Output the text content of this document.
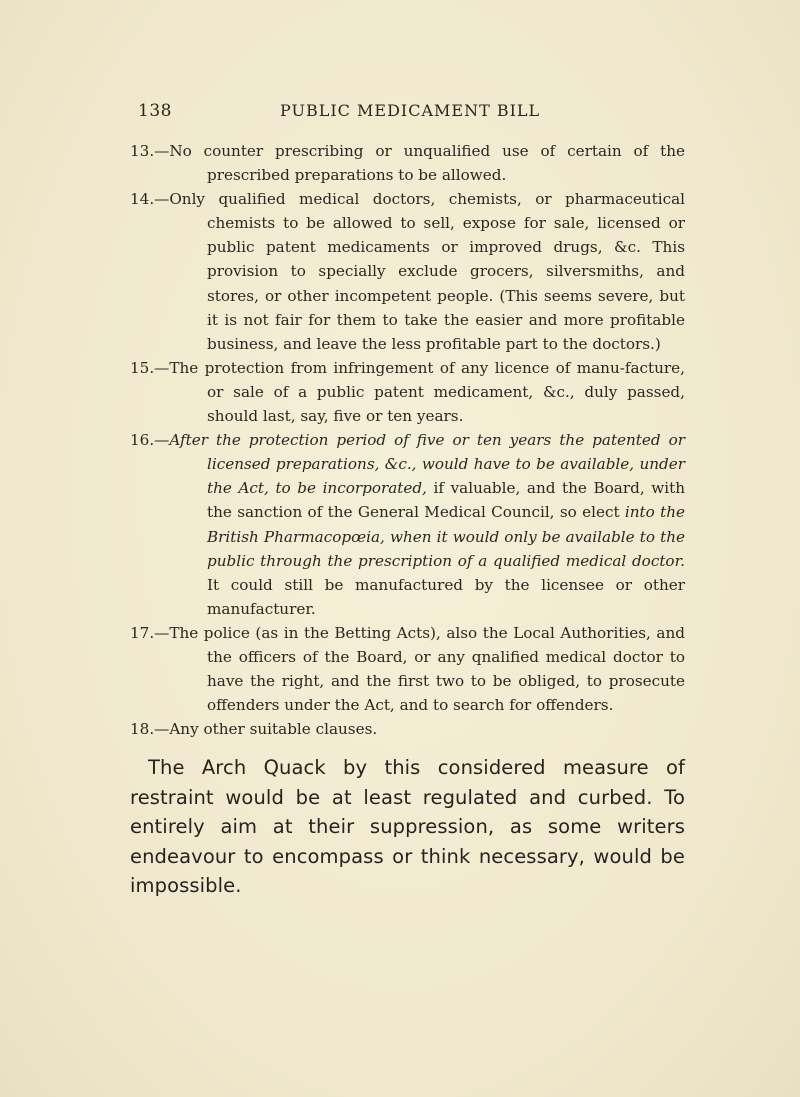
138	PUBLIC MEDICAMENT BILL

13.—No counter prescribing or unqualified use of certain of the prescribed preparations to be allowed.

14.—Only qualified medical doctors, chemists, or pharmaceutical chemists to be allowed to sell, expose for sale, licensed or public patent medicaments or improved drugs, &c. This provision to specially exclude grocers, silversmiths, and stores, or other incompetent people. (This seems severe, but it is not fair for them to take the easier and more profitable business, and leave the less profitable part to the doctors.)

15.—The protection from infringement of any licence of manu-facture, or sale of a public patent medicament, &c., duly passed, should last, say, five or ten years.

16.—After the protection period of five or ten years the patented or licensed preparations, &c., would have to be available, under the Act, to be incorporated, if valuable, and the Board, with the sanction of the General Medical Council, so elect into the British Pharmacopœia, when it would only be available to the public through the prescription of a qualified medical doctor. It could still be manufactured by the licensee or other manufacturer.

17.—The police (as in the Betting Acts), also the Local Authorities, and the officers of the Board, or any qnalified medical doctor to have the right, and the first two to be obliged, to prosecute offenders under the Act, and to search for offenders.

18.—Any other suitable clauses.

The Arch Quack by this considered measure of restraint would be at least regulated and curbed. To entirely aim at their suppression, as some writers endeavour to encompass or think necessary, would be impossible.
